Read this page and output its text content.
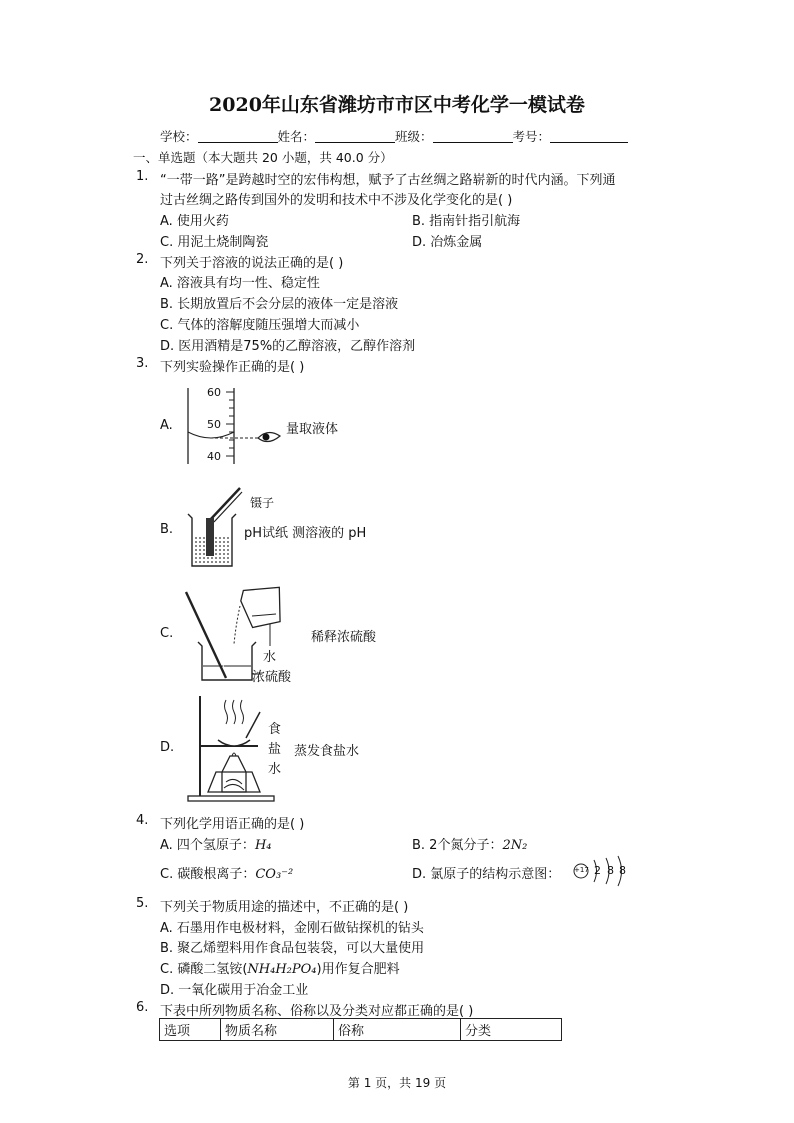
2020年山东省潍坊市市区中考化学一模试卷
学校：	姓名：	班级：	考号：
一、单选题（本大题共 20 小题，共 40.0 分）
1. “一带一路”是跨越时空的宏伟构想，赋予了古丝绸之路崭新的时代内涵。下列通
过古丝绸之路传到国外的发明和技术中不涉及化学变化的是( )
A. 使用火药	B. 指南针指引航海
C. 用泥土烧制陶瓷	D. 冶炼金属
2. 下列关于溶液的说法正确的是( )
A. 溶液具有均一性、稳定性
B. 长期放置后不会分层的液体一定是溶液
C. 气体的溶解度随压强增大而减小
D. 医用酒精是75%的乙醇溶液，乙醇作溶剂
3. 下列实验操作正确的是( )
A.
60
50
40
量取液体
B.
镊子
pH试纸 测溶液的 pH
C.
水
浓硫酸
稀释浓硫酸
D.
食
盐
水
蒸发食盐水
4. 下列化学用语正确的是( )
A. 四个氢原子：H₄	B. 2个氮分子：2N₂
C. 碳酸根离子：CO₃⁻²	D. 氯原子的结构示意图： +17 2 8 8
5. 下列关于物质用途的描述中，不正确的是( )
A. 石墨用作电极材料，金刚石做钻探机的钻头
B. 聚乙烯塑料用作食品包装袋，可以大量使用
C. 磷酸二氢铵(NH₄H₂PO₄)用作复合肥料
D. 一氧化碳用于冶金工业
6. 下表中所列物质名称、俗称以及分类对应都正确的是( )
选项	物质名称	俗称	分类
第 1 页，共 19 页
